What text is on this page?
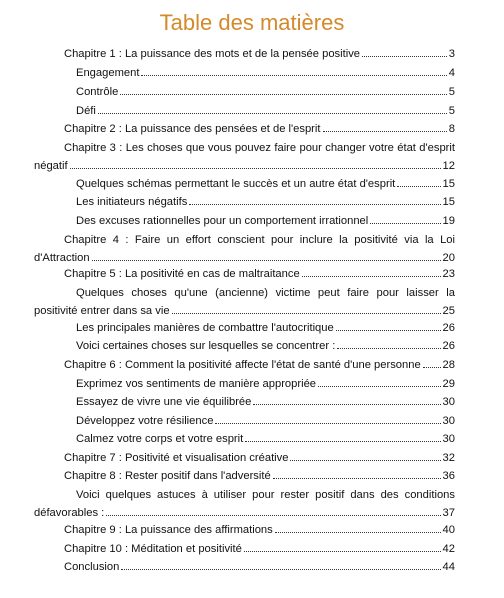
Table des matières
Chapitre 1 : La puissance des mots et de la pensée positive	3
Engagement	4
Contrôle	5
Défi	5
Chapitre 2 : La puissance des pensées et de l'esprit	8
Chapitre 3 : Les choses que vous pouvez faire pour changer votre état d'esprit
négatif	12
Quelques schémas permettant le succès et un autre état d'esprit	15
Les initiateurs négatifs	15
Des excuses rationnelles pour un comportement irrationnel	19
Chapitre 4 : Faire un effort conscient pour inclure la positivité via la Loi
d'Attraction	20
Chapitre 5 : La positivité en cas de maltraitance	23
Quelques choses qu'une (ancienne) victime peut faire pour laisser la
positivité entrer dans sa vie	25
Les principales manières de combattre l'autocritique	26
Voici certaines choses sur lesquelles se concentrer :	26
Chapitre 6 : Comment la positivité affecte l'état de santé d'une personne 28
Exprimez vos sentiments de manière appropriée	29
Essayez de vivre une vie équilibrée	30
Développez votre résilience	30
Calmez votre corps et votre esprit	30
Chapitre 7 : Positivité et visualisation créative	32
Chapitre 8 : Rester positif dans l'adversité	36
Voici quelques astuces à utiliser pour rester positif dans des conditions
défavorables :	37
Chapitre 9 : La puissance des affirmations	40
Chapitre 10 : Méditation et positivité	42
Conclusion	44
